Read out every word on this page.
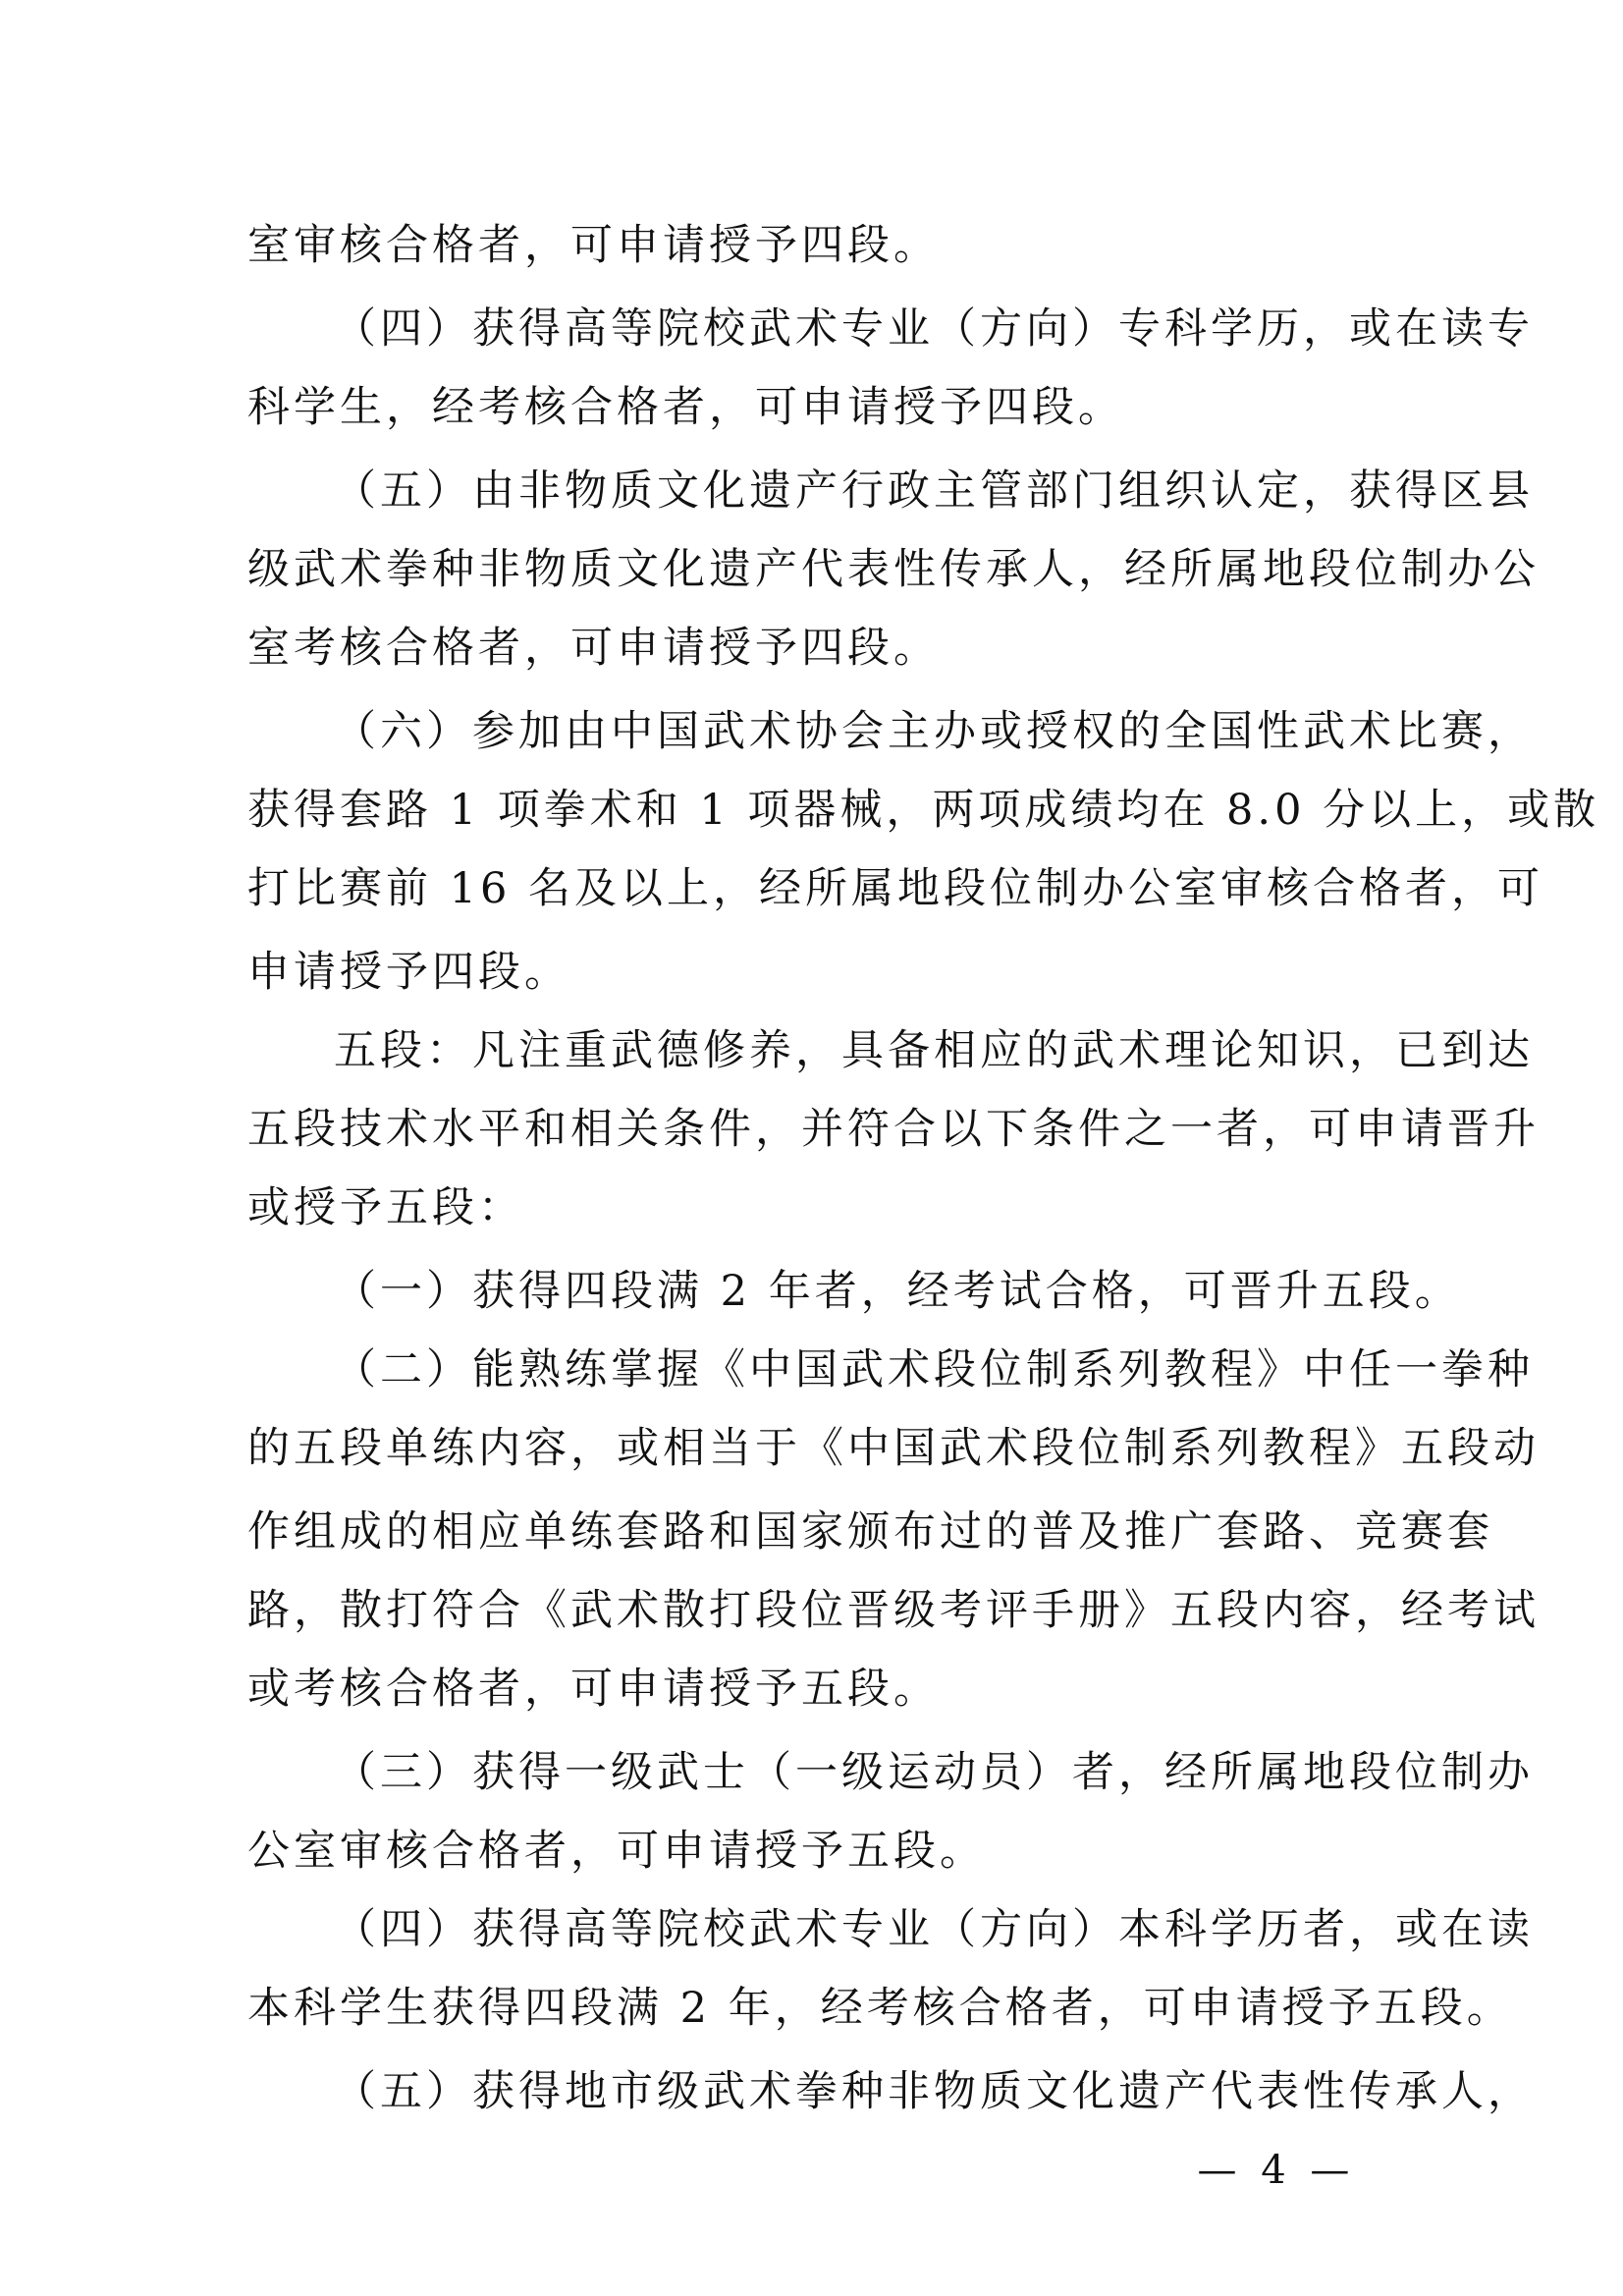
室审核合格者，可申请授予四段。
（四）获得高等院校武术专业（方向）专科学历，或在读专
科学生，经考核合格者，可申请授予四段。
（五）由非物质文化遗产行政主管部门组织认定，获得区县
级武术拳种非物质文化遗产代表性传承人，经所属地段位制办公
室考核合格者，可申请授予四段。
（六）参加由中国武术协会主办或授权的全国性武术比赛，
获得套路 1 项拳术和 1 项器械，两项成绩均在 8.0 分以上，或散
打比赛前 16 名及以上，经所属地段位制办公室审核合格者，可
申请授予四段。
五段：凡注重武德修养，具备相应的武术理论知识，已到达
五段技术水平和相关条件，并符合以下条件之一者，可申请晋升
或授予五段：
（一）获得四段满 2 年者，经考试合格，可晋升五段。
（二）能熟练掌握《中国武术段位制系列教程》中任一拳种
的五段单练内容，或相当于《中国武术段位制系列教程》五段动
作组成的相应单练套路和国家颁布过的普及推广套路、竞赛套
路，散打符合《武术散打段位晋级考评手册》五段内容，经考试
或考核合格者，可申请授予五段。
（三）获得一级武士（一级运动员）者，经所属地段位制办
公室审核合格者，可申请授予五段。
（四）获得高等院校武术专业（方向）本科学历者，或在读
本科学生获得四段满 2 年，经考核合格者，可申请授予五段。
（五）获得地市级武术拳种非物质文化遗产代表性传承人，
— 4 —
